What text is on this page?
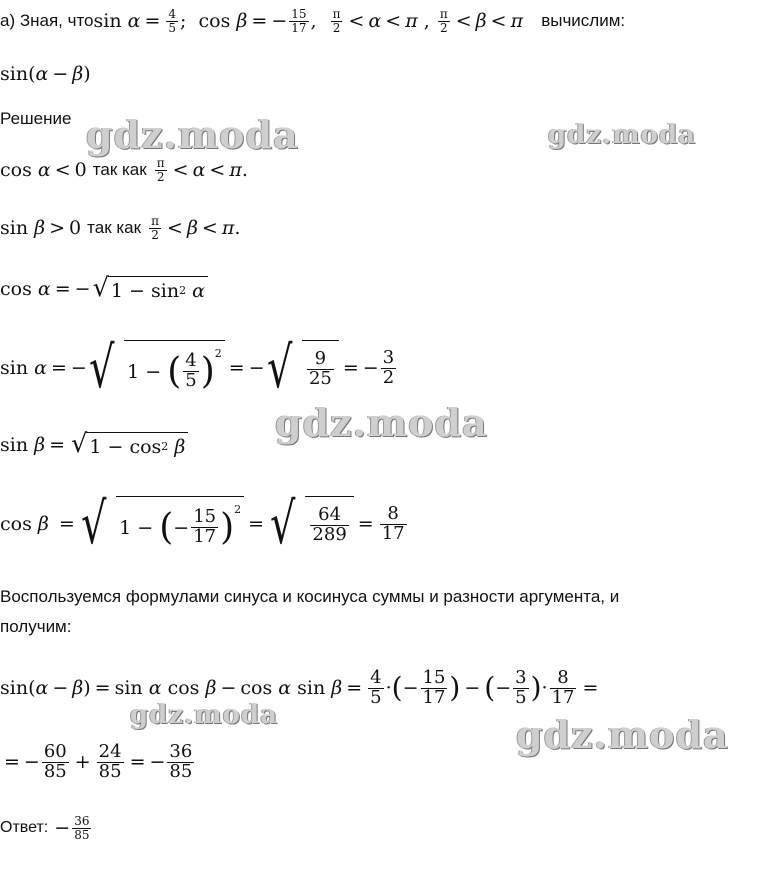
gdz.moda	gdz.moda
gdz.moda
gdz.moda	gdz.moda
а) Зная, что sin
$\alpha = \frac{4}{5}$ ;  cos β = − $\frac{15}{17}$ , $\frac{\pi}{2} < \alpha < \pi$ , $\frac{\pi}{2} < \beta < \pi$
вычислим:
sin( α − β )
Решение
cos α < 0
так как
$\frac{\pi}{2} < \alpha < \pi$ .
sin β > 0
так как
$\frac{\pi}{2} < \beta < \pi$ .
cos α = − √ 1 − sin 2
α
sin α = − √ 1 − ( $\frac{4}{5} )^2$
= − √ $\frac{9}{25}$ = − $\frac{3}{2}$
sin β = √ 1 − cos 2
β
cos β = √ 1 − ( − $\frac{15}{17} )^2$
= √ $\frac{64}{289} = \frac{8}{17}$
Воспользуемся формулами синуса и косинуса суммы и разности аргумента, и
получим:
sin( α − β ) = sin α cos β − cos α $\sin \beta = \frac{4}{5}$ · ( − $\frac{15}{17}$ ) − ( − $\frac{3}{5}$ ) · $\frac{8}{17}$ =
= − $\frac{60}{85} + \frac{24}{85}$ = − $\frac{36}{85}$
Ответ: − $\frac{36}{85}$
